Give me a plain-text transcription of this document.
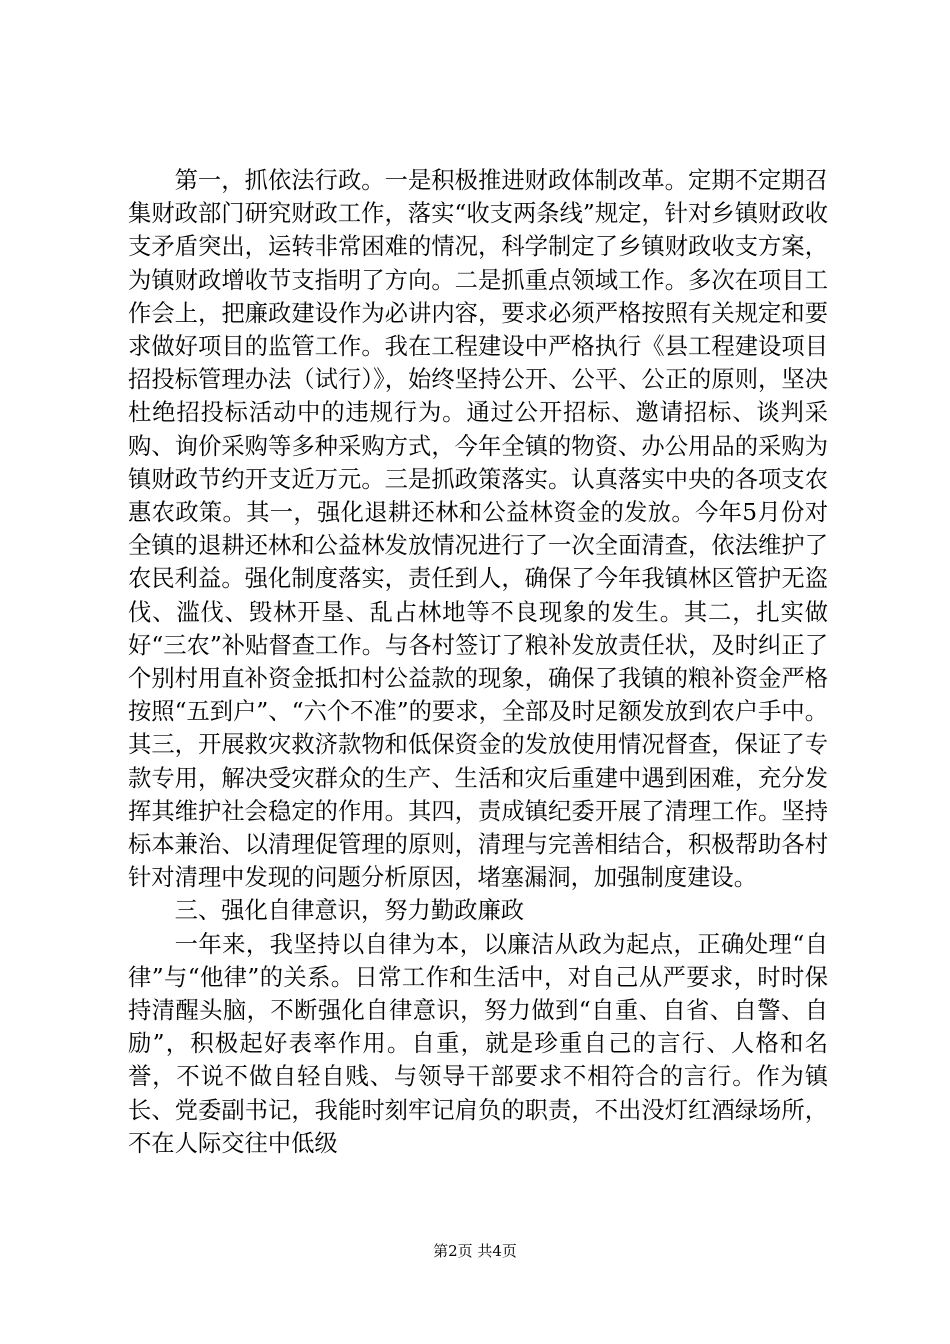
第一，抓依法行政。一是积极推进财政体制改革。定期不定期召集财政部门研究财政工作，落实“收支两条线”规定，针对乡镇财政收支矛盾突出，运转非常困难的情况，科学制定了乡镇财政收支方案，为镇财政增收节支指明了方向。二是抓重点领域工作。多次在项目工作会上，把廉政建设作为必讲内容，要求必须严格按照有关规定和要求做好项目的监管工作。我在工程建设中严格执行《县工程建设项目招投标管理办法（试行）》，始终坚持公开、公平、公正的原则，坚决杜绝招投标活动中的违规行为。通过公开招标、邀请招标、谈判采购、询价采购等多种采购方式，今年全镇的物资、办公用品的采购为镇财政节约开支近万元。三是抓政策落实。认真落实中央的各项支农惠农政策。其一，强化退耕还林和公益林资金的发放。今年5月份对全镇的退耕还林和公益林发放情况进行了一次全面清查，依法维护了农民利益。强化制度落实，责任到人，确保了今年我镇林区管护无盗伐、滥伐、毁林开垦、乱占林地等不良现象的发生。其二，扎实做好“三农”补贴督查工作。与各村签订了粮补发放责任状，及时纠正了个别村用直补资金抵扣村公益款的现象，确保了我镇的粮补资金严格按照“五到户”、“六个不准”的要求，全部及时足额发放到农户手中。其三，开展救灾救济款物和低保资金的发放使用情况督查，保证了专款专用，解决受灾群众的生产、生活和灾后重建中遇到困难，充分发挥其维护社会稳定的作用。其四，责成镇纪委开展了清理工作。坚持标本兼治、以清理促管理的原则，清理与完善相结合，积极帮助各村针对清理中发现的问题分析原因，堵塞漏洞，加强制度建设。

三、强化自律意识，努力勤政廉政

一年来，我坚持以自律为本，以廉洁从政为起点，正确处理“自律”与“他律”的关系。日常工作和生活中，对自己从严要求，时时保持清醒头脑，不断强化自律意识，努力做到“自重、自省、自警、自励”，积极起好表率作用。自重，就是珍重自己的言行、人格和名誉，不说不做自轻自贱、与领导干部要求不相符合的言行。作为镇长、党委副书记，我能时刻牢记肩负的职责，不出没灯红酒绿场所，不在人际交往中低级

第2页 共4页
